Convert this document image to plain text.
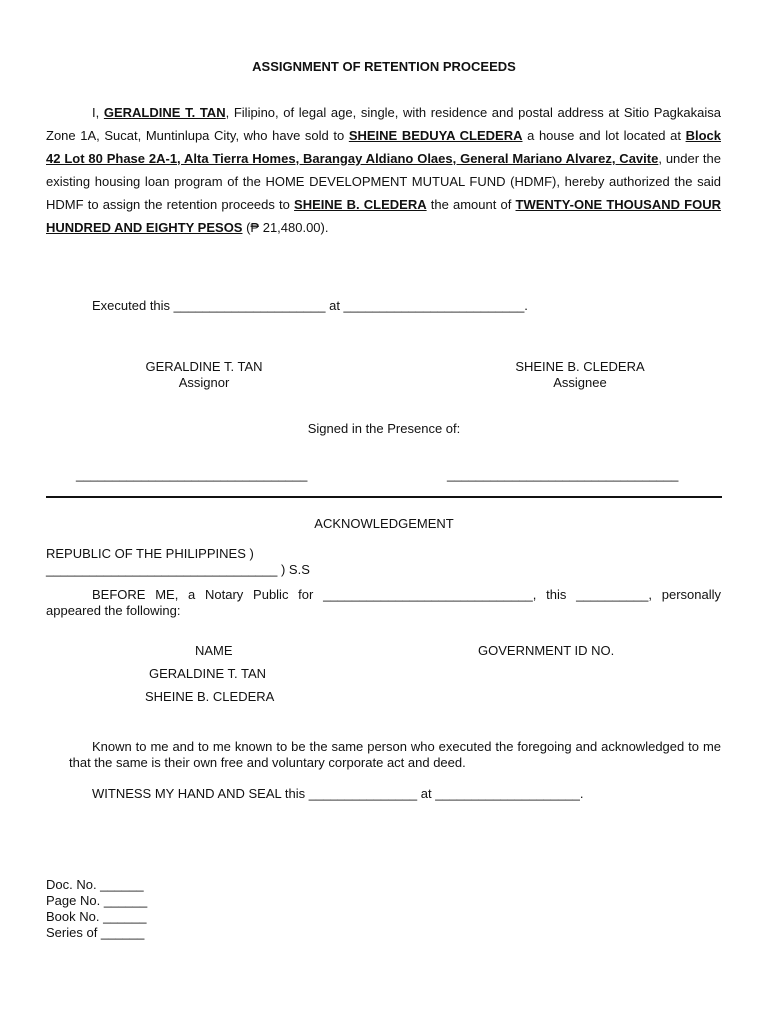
ASSIGNMENT OF RETENTION PROCEEDS
I, GERALDINE T. TAN, Filipino, of legal age, single, with residence and postal address at Sitio Pagkakaisa Zone 1A, Sucat, Muntinlupa City, who have sold to SHEINE BEDUYA CLEDERA a house and lot located at Block 42 Lot 80 Phase 2A-1, Alta Tierra Homes, Barangay Aldiano Olaes, General Mariano Alvarez, Cavite, under the existing housing loan program of the HOME DEVELOPMENT MUTUAL FUND (HDMF), hereby authorized the said HDMF to assign the retention proceeds to SHEINE B. CLEDERA the amount of TWENTY-ONE THOUSAND FOUR HUNDRED AND EIGHTY PESOS (₱ 21,480.00).
Executed this _____________________ at _________________________.
GERALDINE T. TAN
Assignor
SHEINE B. CLEDERA
Assignee
Signed in the Presence of:
________________________________	________________________________
ACKNOWLEDGEMENT
REPUBLIC OF THE PHILIPPINES )
________________________________ ) S.S
BEFORE ME, a Notary Public for _____________________________, this __________, personally appeared the following:
NAME	GOVERNMENT ID NO.
GERALDINE T. TAN
SHEINE B. CLEDERA
Known to me and to me known to be the same person who executed the foregoing and acknowledged to me that the same is their own free and voluntary corporate act and deed.
WITNESS MY HAND AND SEAL this _______________ at ____________________.
Doc. No. ______
Page No. ______
Book No. ______
Series of ______
